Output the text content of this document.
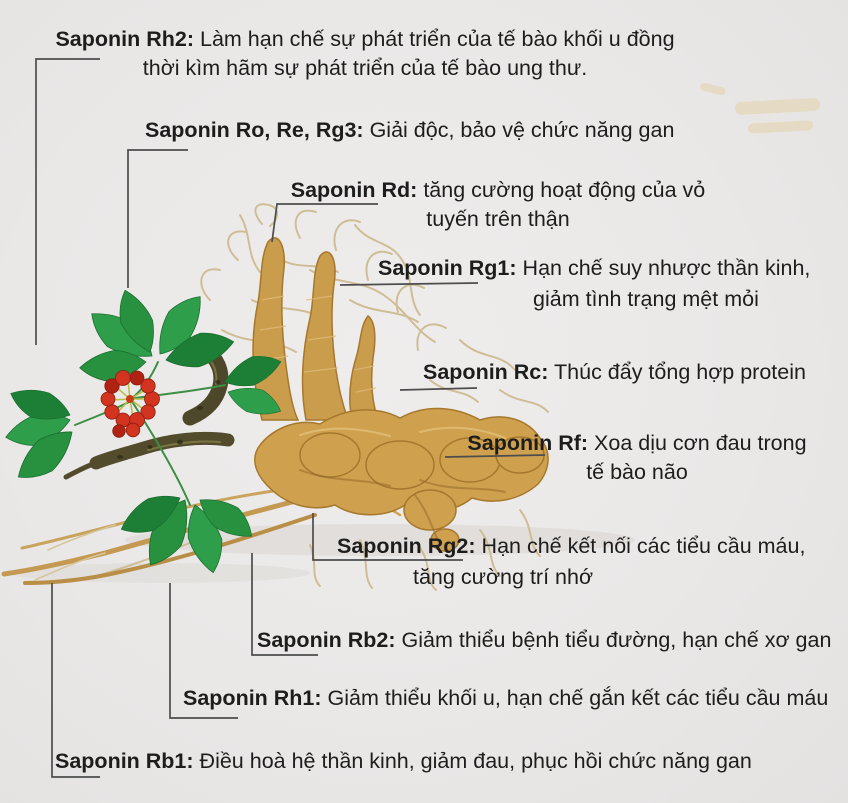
Saponin Rh2: Làm hạn chế sự phát triển của tế bào khối u đồng
thời kìm hãm sự phát triển của tế bào ung thư.
Saponin Ro, Re, Rg3: Giải độc, bảo vệ chức năng gan
Saponin Rd: tăng cường hoạt động của vỏ
tuyến trên thận
Saponin Rg1: Hạn chế suy nhược thần kinh,
giảm tình trạng mệt mỏi
Saponin Rc: Thúc đẩy tổng hợp protein
Saponin Rf: Xoa dịu cơn đau trong
tế bào não
Saponin Rg2: Hạn chế kết nối các tiểu cầu máu,
tăng cường trí nhớ
Saponin Rb2: Giảm thiểu bệnh tiểu đường, hạn chế xơ gan
Saponin Rh1: Giảm thiểu khối u, hạn chế gắn kết các tiểu cầu máu
Saponin Rb1: Điều hoà hệ thần kinh, giảm đau, phục hồi chức năng gan
